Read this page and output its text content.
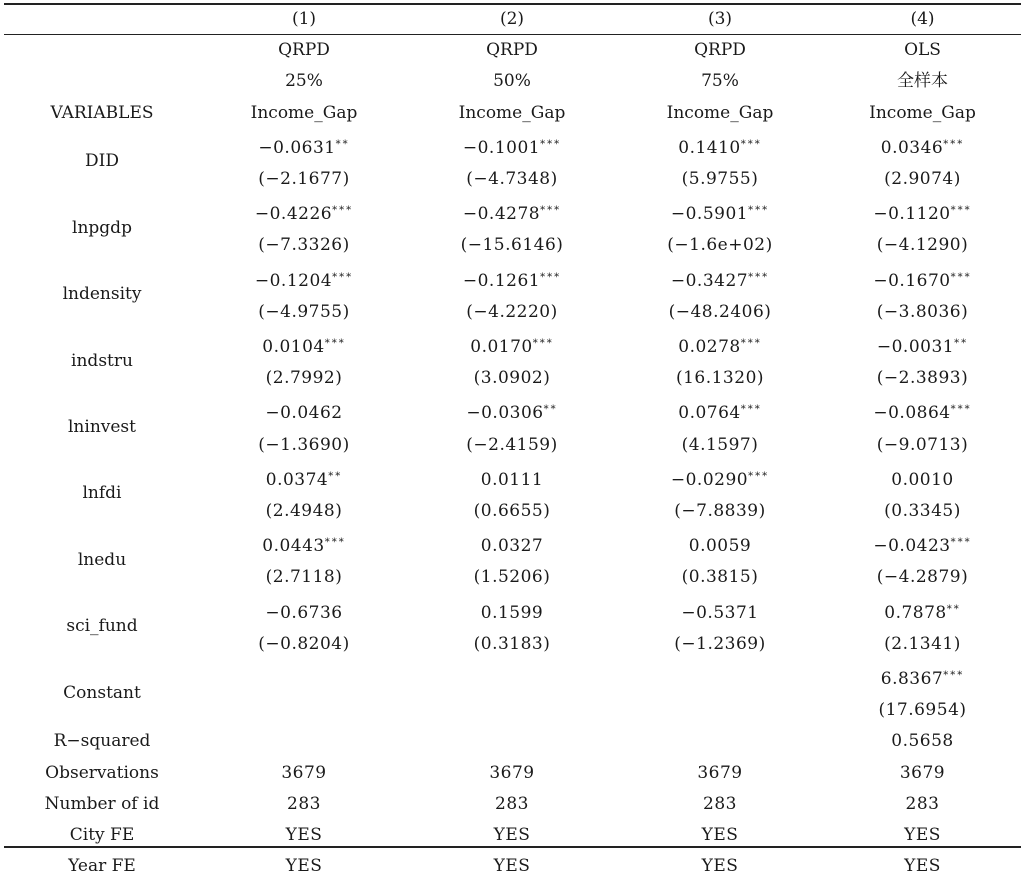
	(1)	(2)	(3)	(4)
	QRPD	QRPD	QRPD	OLS
	25%	50%	75%	全样本
VARIABLES	Income_Gap	Income_Gap	Income_Gap	Income_Gap
DID	−0.0631**	−0.1001***	0.1410***	0.0346***
	(−2.1677)	(−4.7348)	(5.9755)	(2.9074)
lnpgdp	−0.4226***	−0.4278***	−0.5901***	−0.1120***
	(−7.3326)	(−15.6146)	(−1.6e+02)	(−4.1290)
lndensity	−0.1204***	−0.1261***	−0.3427***	−0.1670***
	(−4.9755)	(−4.2220)	(−48.2406)	(−3.8036)
indstru	0.0104***	0.0170***	0.0278***	−0.0031**
	(2.7992)	(3.0902)	(16.1320)	(−2.3893)
lninvest	−0.0462	−0.0306**	0.0764***	−0.0864***
	(−1.3690)	(−2.4159)	(4.1597)	(−9.0713)
lnfdi	0.0374**	0.0111	−0.0290***	0.0010
	(2.4948)	(0.6655)	(−7.8839)	(0.3345)
lnedu	0.0443***	0.0327	0.0059	−0.0423***
	(2.7118)	(1.5206)	(0.3815)	(−4.2879)
sci_fund	−0.6736	0.1599	−0.5371	0.7878**
	(−0.8204)	(0.3183)	(−1.2369)	(2.1341)
Constant				6.8367***
				(17.6954)
R−squared				0.5658
Observations	3679	3679	3679	3679
Number of id	283	283	283	283
City FE	YES	YES	YES	YES
Year FE	YES	YES	YES	YES
